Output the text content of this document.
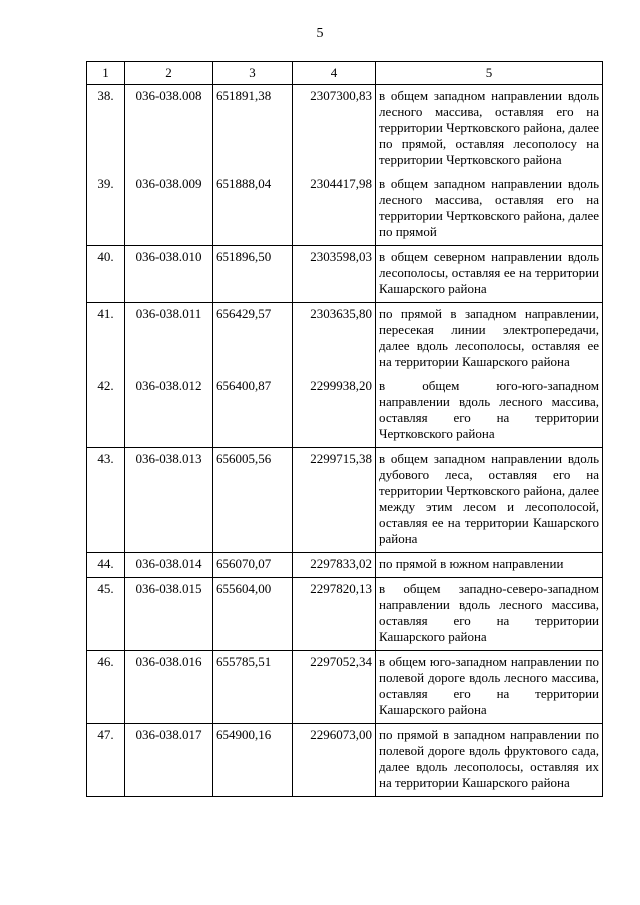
5
1	2	3	4	5

38.	036-038.008	651891,38	2307300,83	в общем западном направлении вдоль лесного массива, оставляя его на территории Чертковского района, далее по прямой, оставляя лесополосу на территории Чертковского района

39.	036-038.009	651888,04	2304417,98	в общем западном направлении вдоль лесного массива, оставляя его на территории Чертковского района, далее по прямой

40.	036-038.010	651896,50	2303598,03	в общем северном направлении вдоль лесополосы, оставляя ее на территории Кашарского района

41.	036-038.011	656429,57	2303635,80	по прямой в западном направлении, пересекая линии электропередачи, далее вдоль лесополосы, оставляя ее на территории Кашарского района

42.	036-038.012	656400,87	2299938,20	в общем юго-юго-западном направлении вдоль лесного массива, оставляя его на территории Чертковского района

43.	036-038.013	656005,56	2299715,38	в общем западном направлении вдоль дубового леса, оставляя его на территории Чертковского района, далее между этим лесом и лесополосой, оставляя ее на территории Кашарского района

44.	036-038.014	656070,07	2297833,02	по прямой в южном направлении

45.	036-038.015	655604,00	2297820,13	в общем западно-северо-западном направлении вдоль лесного массива, оставляя его на территории Кашарского района

46.	036-038.016	655785,51	2297052,34	в общем юго-западном направлении по полевой дороге вдоль лесного массива, оставляя его на территории Кашарского района

47.	036-038.017	654900,16	2296073,00	по прямой в западном направлении по полевой дороге вдоль фруктового сада, далее вдоль лесополосы, оставляя их на территории Кашарского района
